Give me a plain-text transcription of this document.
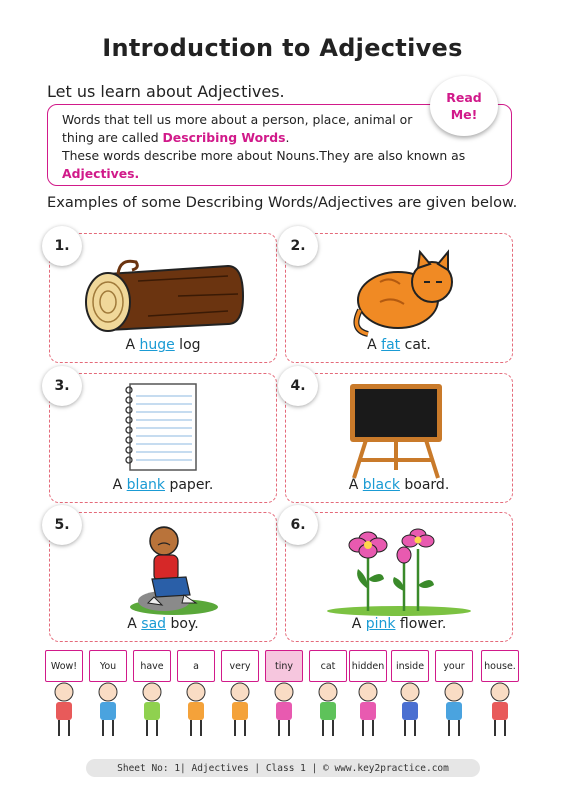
Introduction to Adjectives
Let us learn about Adjectives.
Words that tell us more about a person, place, animal or
thing are called Describing Words.
These words describe more about Nouns.They are also known as
Adjectives.
Read
Me!
Examples of some Describing Words/Adjectives are given below.
1.
A huge log
2.
A fat cat.
3.
A blank paper.
4.
A black board.
5.
A sad boy.
6.
A pink flower.
Wow!	You	have	a	very	tiny	cat	hidden	inside	your	house.
Sheet No: 1| Adjectives | Class 1 | © www.key2practice.com
